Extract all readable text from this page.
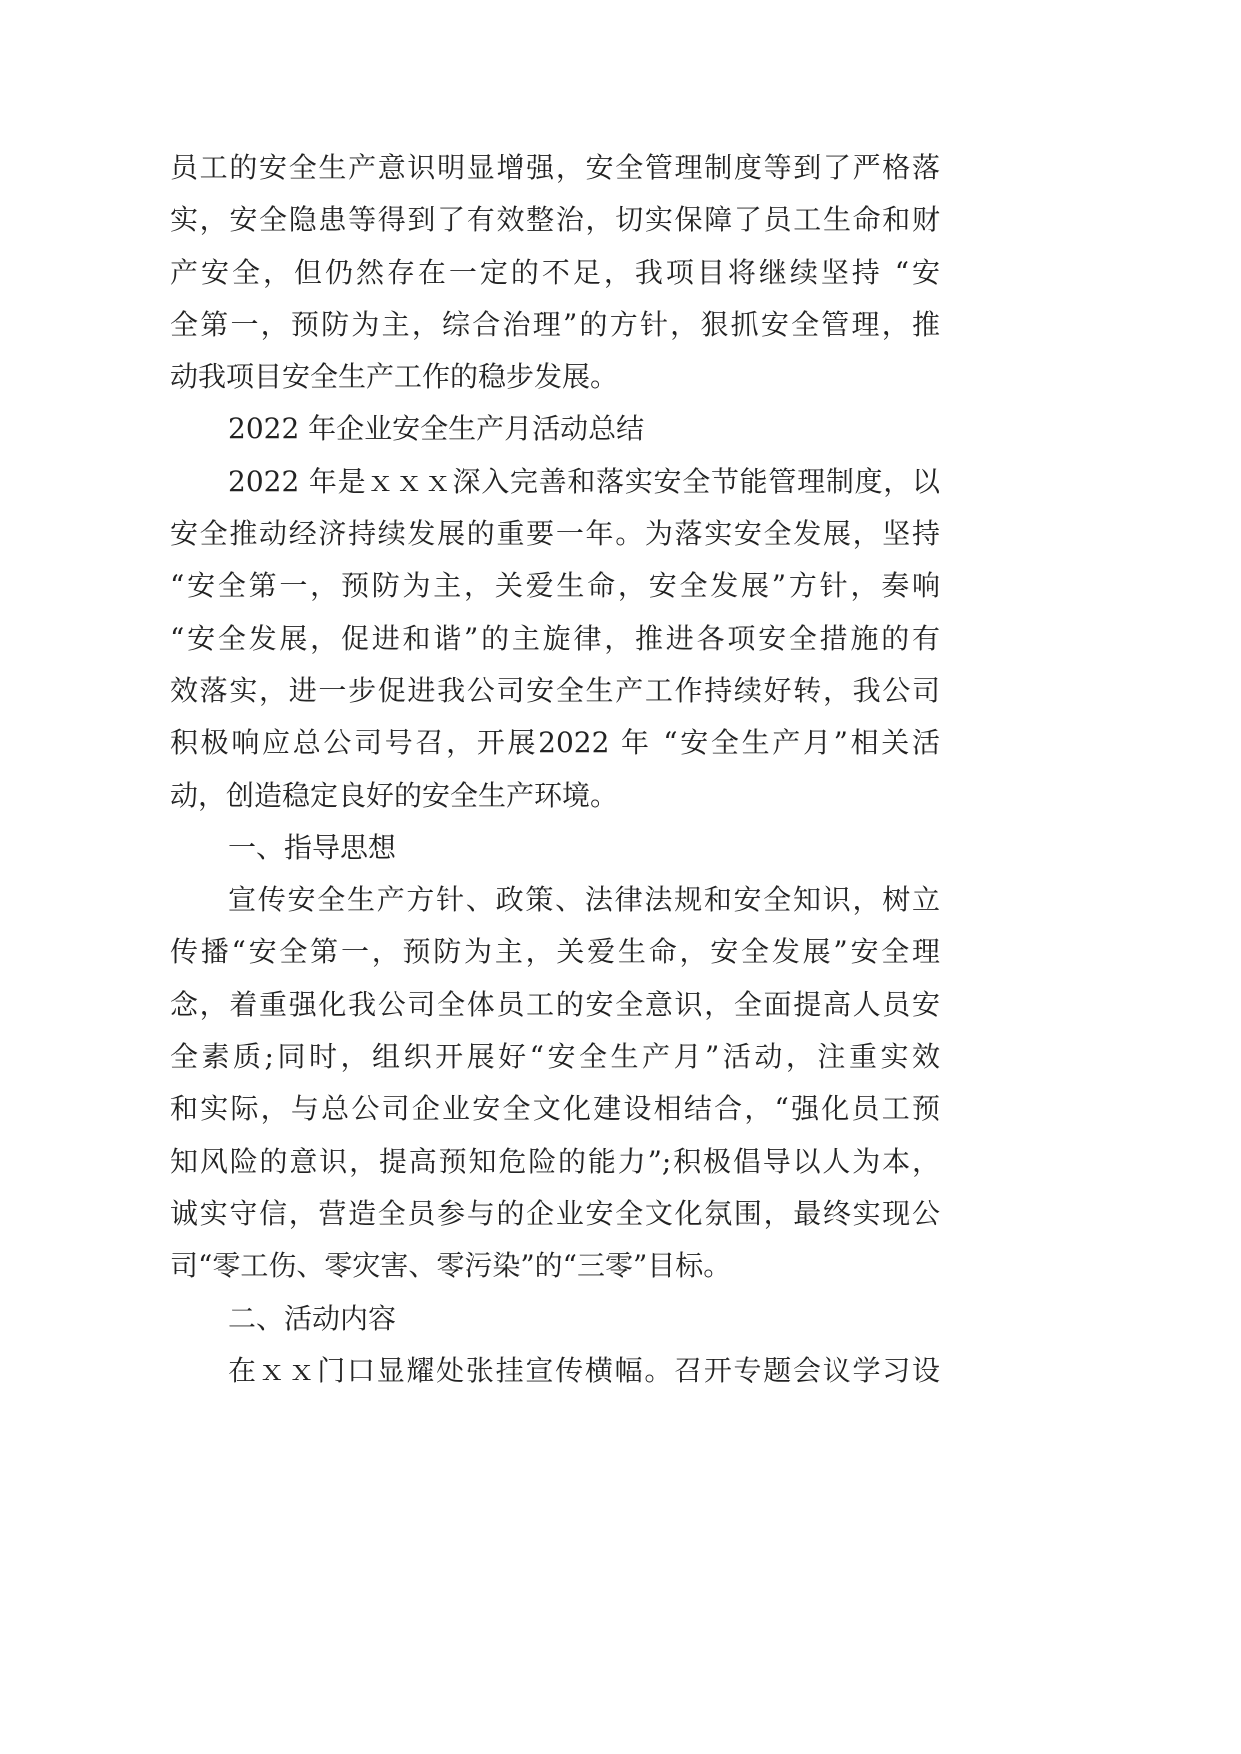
员工的安全生产意识明显增强，安全管理制度等到了严格落
实，安全隐患等得到了有效整治，切实保障了员工生命和财
产安全，但仍然存在一定的不足，我项目将继续坚持 “安
全第一，预防为主，综合治理”的方针，狠抓安全管理，推
动我项目安全生产工作的稳步发展。
2022 年企业安全生产月活动总结
2022 年是ｘｘｘ深入完善和落实安全节能管理制度，以
安全推动经济持续发展的重要一年。为落实安全发展，坚持
“安全第一，预防为主，关爱生命，安全发展”方针，奏响
“安全发展，促进和谐”的主旋律，推进各项安全措施的有
效落实，进一步促进我公司安全生产工作持续好转，我公司
积极响应总公司号召，开展2022 年 “安全生产月”相关活
动，创造稳定良好的安全生产环境。
一、指导思想
宣传安全生产方针、政策、法律法规和安全知识，树立
传播“安全第一，预防为主，关爱生命，安全发展”安全理
念，着重强化我公司全体员工的安全意识，全面提高人员安
全素质;同时，组织开展好“安全生产月”活动，注重实效
和实际，与总公司企业安全文化建设相结合，“强化员工预
知风险的意识，提高预知危险的能力”;积极倡导以人为本，
诚实守信，营造全员参与的企业安全文化氛围，最终实现公
司“零工伤、零灾害、零污染”的“三零”目标。
二、活动内容
在ｘｘ门口显耀处张挂宣传横幅。召开专题会议学习设
